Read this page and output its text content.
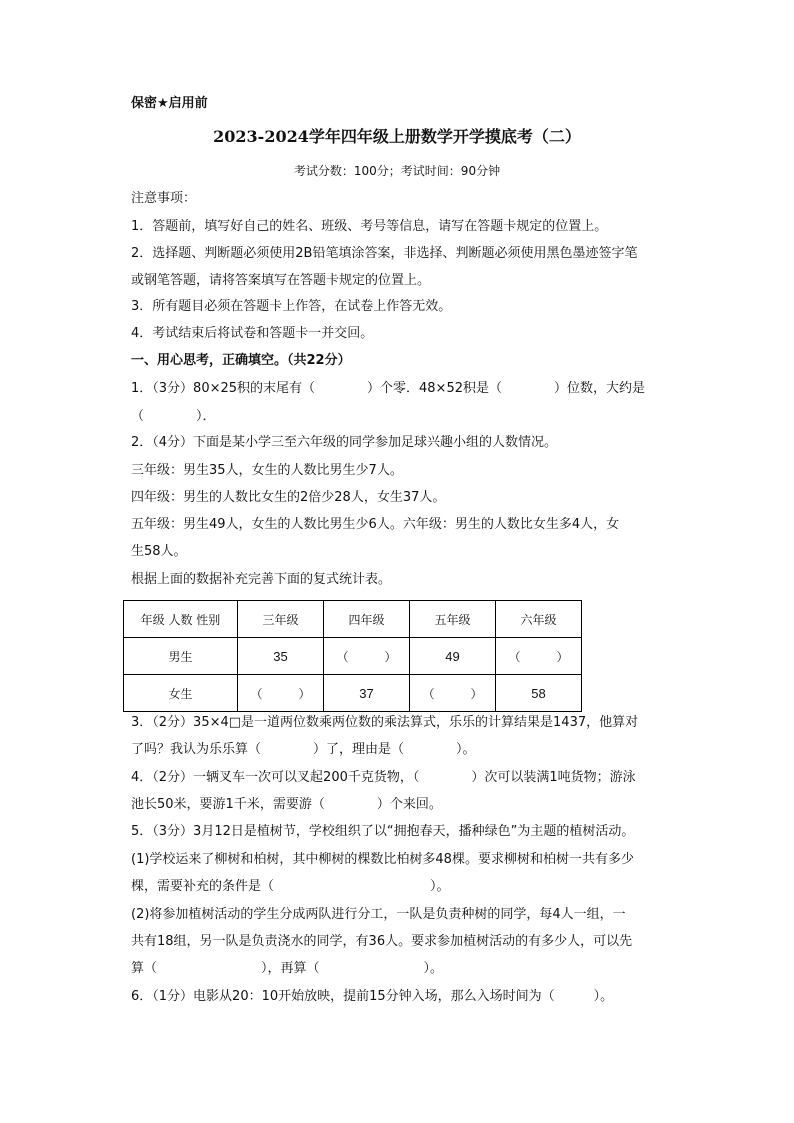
保密★启用前
2023-2024学年四年级上册数学开学摸底考（二）
考试分数：100分；考试时间：90分钟
注意事项：
1．答题前，填写好自己的姓名、班级、考号等信息，请写在答题卡规定的位置上。
2．选择题、判断题必须使用2B铅笔填涂答案，非选择、判断题必须使用黑色墨迹签字笔
或钢笔答题，请将答案填写在答题卡规定的位置上。
3．所有题目必须在答题卡上作答，在试卷上作答无效。
4．考试结束后将试卷和答题卡一并交回。
一、用心思考，正确填空。（共22分）
1．（3分）80×25积的末尾有（　　　　）个零．48×52积是（　　　　）位数，大约是
（　　　　）．
2．（4分）下面是某小学三至六年级的同学参加足球兴趣小组的人数情况。
三年级：男生35人，女生的人数比男生少7人。
四年级：男生的人数比女生的2倍少28人，女生37人。
五年级：男生49人，女生的人数比男生少6人。六年级：男生的人数比女生多4人，女
生58人。
根据上面的数据补充完善下面的复式统计表。
年级 人数 性别	三年级	四年级	五年级	六年级
男生	35	（　　　）	49	（　　　）
女生	（　　　）	37	（　　　）	58
3．（2分）35×4□是一道两位数乘两位数的乘法算式，乐乐的计算结果是1437，他算对
了吗？我认为乐乐算（　　　　）了，理由是（　　　　）。
4．（2分）一辆叉车一次可以叉起200千克货物，（　　　　）次可以装满1吨货物；游泳
池长50米，要游1千米，需要游（　　　　）个来回。
5．（3分）3月12日是植树节，学校组织了以“拥抱春天，播种绿色”为主题的植树活动。
(1)学校运来了柳树和柏树，其中柳树的棵数比柏树多48棵。要求柳树和柏树一共有多少
棵，需要补充的条件是（　　　　　　　　　　　　）。
(2)将参加植树活动的学生分成两队进行分工，一队是负责种树的同学，每4人一组，一
共有18组，另一队是负责浇水的同学，有36人。要求参加植树活动的有多少人，可以先
算（　　　　　　　　），再算（　　　　　　　　）。
6．（1分）电影从20：10开始放映，提前15分钟入场，那么入场时间为（　　　）。
